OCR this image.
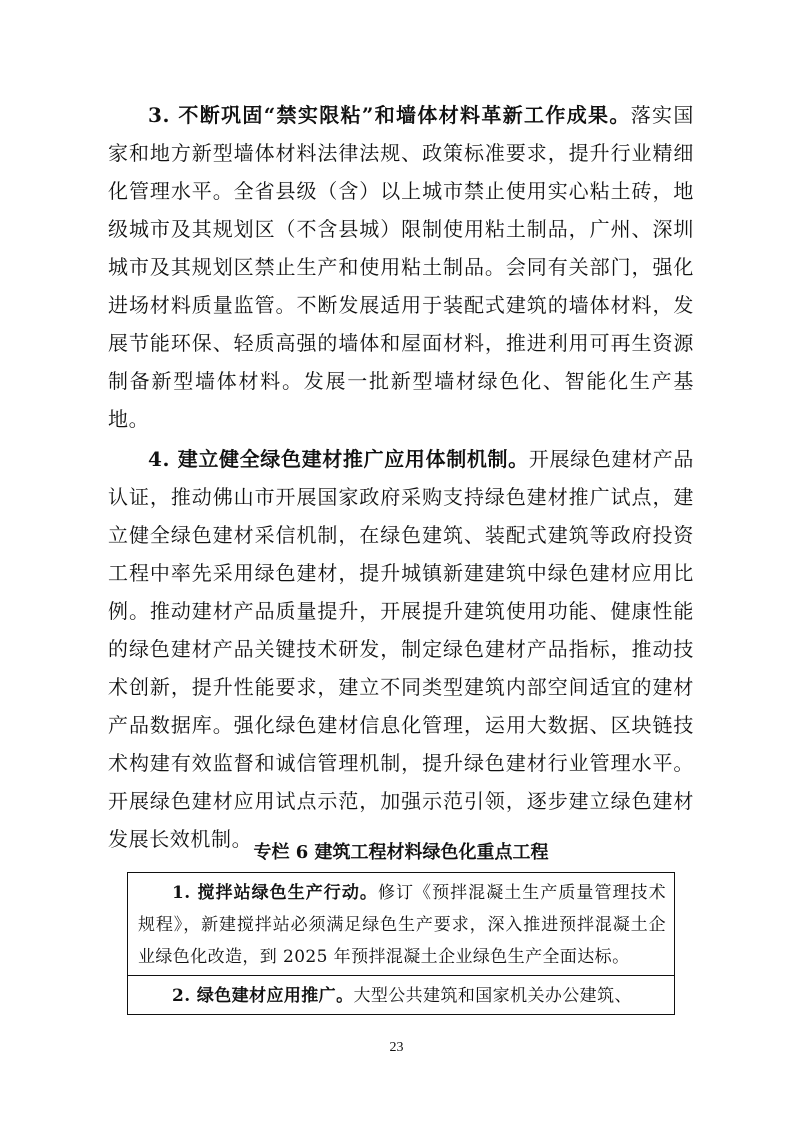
3. 不断巩固“禁实限粘”和墙体材料革新工作成果。落实国家和地方新型墙体材料法律法规、政策标准要求，提升行业精细化管理水平。全省县级（含）以上城市禁止使用实心粘土砖，地级城市及其规划区（不含县城）限制使用粘土制品，广州、深圳城市及其规划区禁止生产和使用粘土制品。会同有关部门，强化进场材料质量监管。不断发展适用于装配式建筑的墙体材料，发展节能环保、轻质高强的墙体和屋面材料，推进利用可再生资源制备新型墙体材料。发展一批新型墙材绿色化、智能化生产基地。

4. 建立健全绿色建材推广应用体制机制。开展绿色建材产品认证，推动佛山市开展国家政府采购支持绿色建材推广试点，建立健全绿色建材采信机制，在绿色建筑、装配式建筑等政府投资工程中率先采用绿色建材，提升城镇新建建筑中绿色建材应用比例。推动建材产品质量提升，开展提升建筑使用功能、健康性能的绿色建材产品关键技术研发，制定绿色建材产品指标，推动技术创新，提升性能要求，建立不同类型建筑内部空间适宜的建材产品数据库。强化绿色建材信息化管理，运用大数据、区块链技术构建有效监督和诚信管理机制，提升绿色建材行业管理水平。开展绿色建材应用试点示范，加强示范引领，逐步建立绿色建材发展长效机制。

专栏 6 建筑工程材料绿色化重点工程

1. 搅拌站绿色生产行动。修订《预拌混凝土生产质量管理技术规程》，新建搅拌站必须满足绿色生产要求，深入推进预拌混凝土企业绿色化改造，到 2025 年预拌混凝土企业绿色生产全面达标。
2. 绿色建材应用推广。大型公共建筑和国家机关办公建筑、
23
